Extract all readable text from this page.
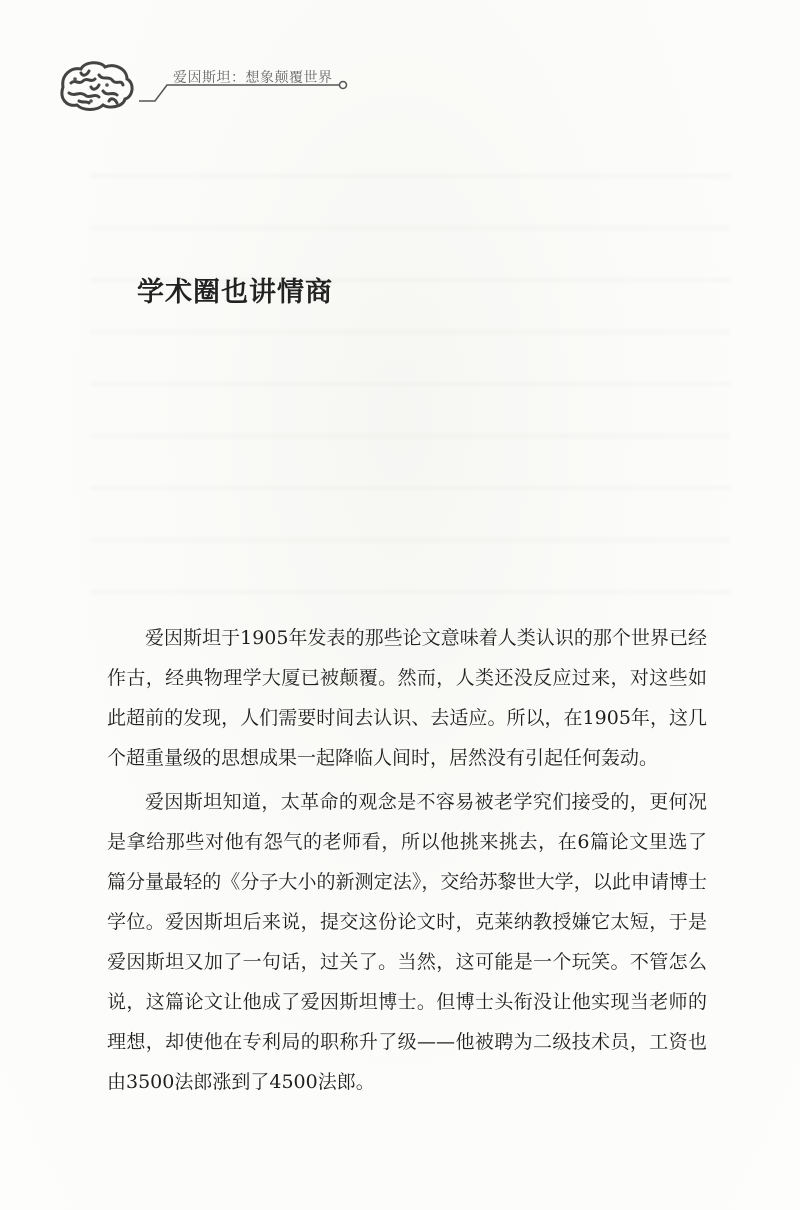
爱因斯坦：想象颠覆世界
学术圈也讲情商

爱因斯坦于1905年发表的那些论文意味着人类认识的那个世界已经作古，经典物理学大厦已被颠覆。然而，人类还没反应过来，对这些如此超前的发现，人们需要时间去认识、去适应。所以，在1905年，这几个超重量级的思想成果一起降临人间时，居然没有引起任何轰动。

爱因斯坦知道，太革命的观念是不容易被老学究们接受的，更何况是拿给那些对他有怨气的老师看，所以他挑来挑去，在6篇论文里选了篇分量最轻的《分子大小的新测定法》，交给苏黎世大学，以此申请博士学位。爱因斯坦后来说，提交这份论文时，克莱纳教授嫌它太短，于是爱因斯坦又加了一句话，过关了。当然，这可能是一个玩笑。不管怎么说，这篇论文让他成了爱因斯坦博士。但博士头衔没让他实现当老师的理想，却使他在专利局的职称升了级——他被聘为二级技术员，工资也由3500法郎涨到了4500法郎。
